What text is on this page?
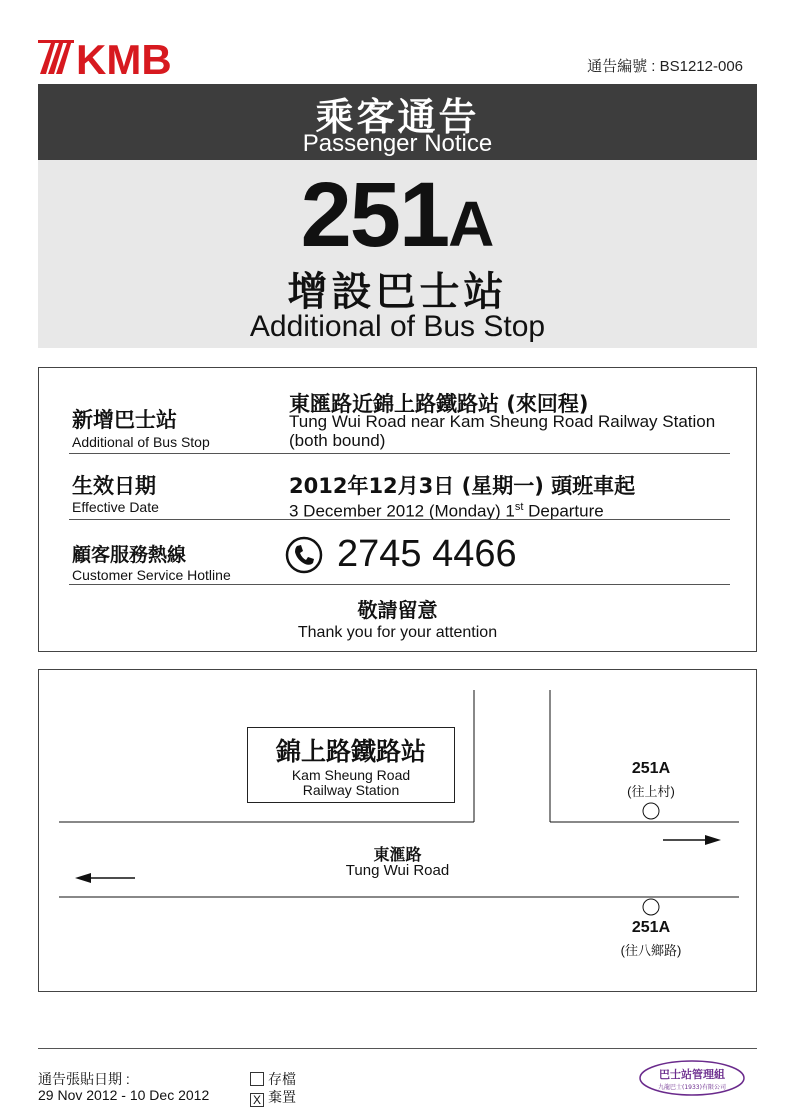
KMB	通告編號 : BS1212-006
乘客通告
Passenger Notice
251A
增設巴士站
Additional of Bus Stop
新增巴士站
Additional of Bus Stop
東匯路近錦上路鐵路站 (來回程)
Tung Wui Road near Kam Sheung Road Railway Station (both bound)
生效日期
Effective Date
2012年12月3日 (星期一) 頭班車起
3 December 2012 (Monday) 1st Departure
顧客服務熱線
Customer Service Hotline	2745 4466
敬請留意
Thank you for your attention
錦上路鐵路站
Kam Sheung Road
Railway Station
東滙路
Tung Wui Road
251A
(往上村)
251A
(往八鄉路)
通告張貼日期 :
29 Nov 2012 - 10 Dec 2012
存檔
X 棄置
巴士站管理組
九龍巴士(1933)有限公司
